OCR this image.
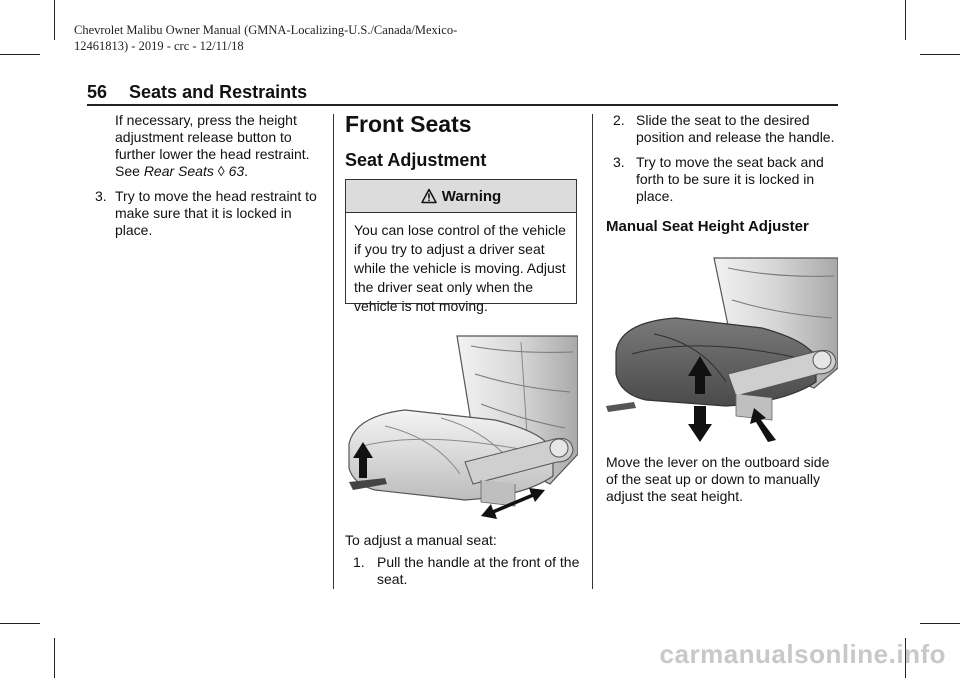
Chevrolet Malibu Owner Manual (GMNA-Localizing-U.S./Canada/Mexico-
12461813) - 2019 - crc - 12/11/18
56 Seats and Restraints

If necessary, press the height adjustment release button to further lower the head restraint. See Rear Seats ◊ 63.

3. Try to move the head restraint to make sure that it is locked in place.

Front Seats

Seat Adjustment

Warning
You can lose control of the vehicle if you try to adjust a driver seat while the vehicle is moving. Adjust the driver seat only when the vehicle is not moving.

To adjust a manual seat:

1. Pull the handle at the front of the seat.

2. Slide the seat to the desired position and release the handle.

3. Try to move the seat back and forth to be sure it is locked in place.

Manual Seat Height Adjuster

Move the lever on the outboard side of the seat up or down to manually adjust the seat height.

carmanualsonline.info
